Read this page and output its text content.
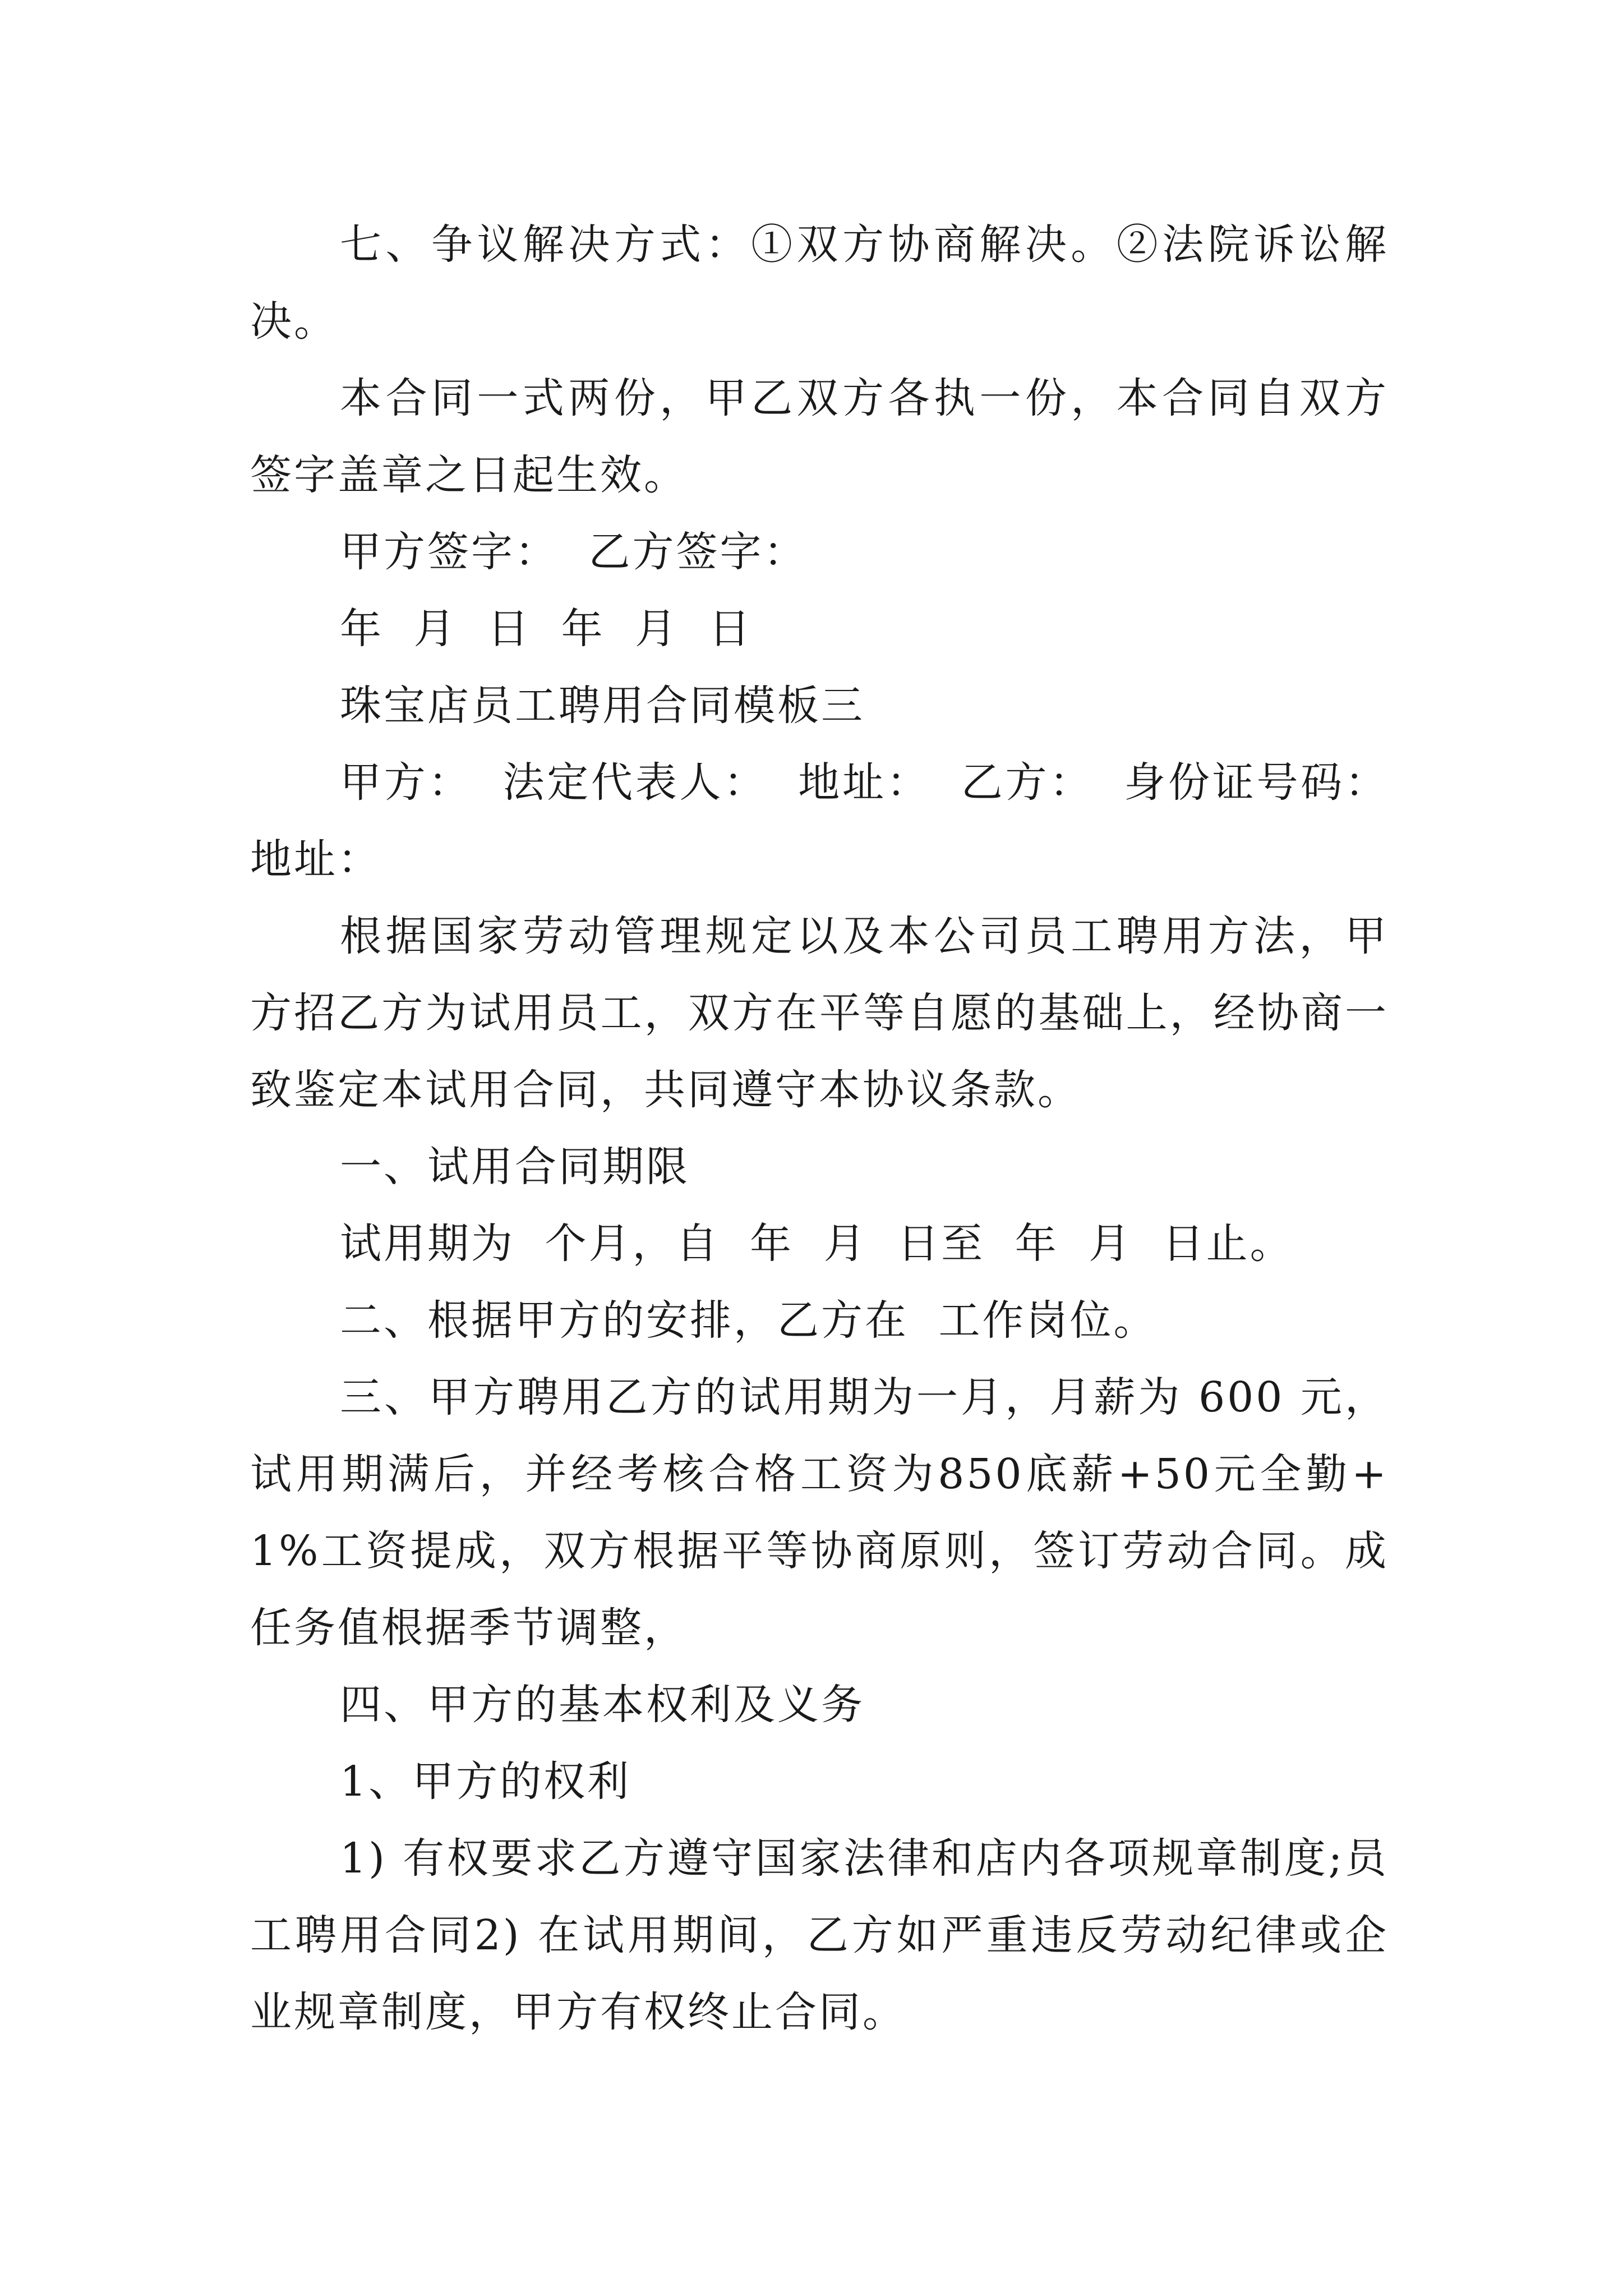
七、争议解决方式：①双方协商解决。②法院诉讼解决。

本合同一式两份，甲乙双方各执一份，本合同自双方签字盖章之日起生效。

甲方签字： 乙方签字：

年 月 日 年 月 日

珠宝店员工聘用合同模板三

甲方： 法定代表人： 地址： 乙方： 身份证号码： 地址：

根据国家劳动管理规定以及本公司员工聘用方法，甲方招乙方为试用员工，双方在平等自愿的基础上，经协商一致鉴定本试用合同，共同遵守本协议条款。

一、试用合同期限

试用期为 个月，自 年 月 日至 年 月 日止。

二、根据甲方的安排，乙方在 工作岗位。

三、甲方聘用乙方的试用期为一月，月薪为 600 元，试用期满后，并经考核合格工资为850底薪+50元全勤+1%工资提成，双方根据平等协商原则，签订劳动合同。成任务值根据季节调整，

四、甲方的基本权利及义务

1、甲方的权利

1) 有权要求乙方遵守国家法律和店内各项规章制度;员工聘用合同2) 在试用期间，乙方如严重违反劳动纪律或企业规章制度，甲方有权终止合同。
